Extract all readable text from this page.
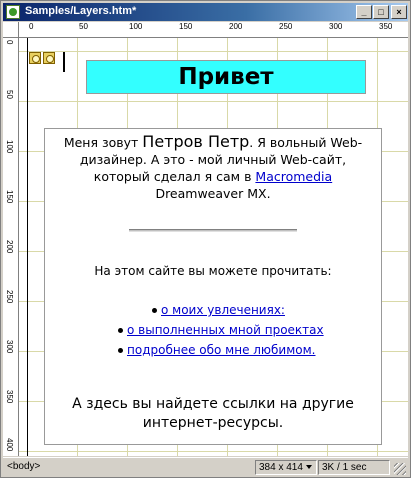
Samples/Layers.htm*	_	□	×
0	50	100	150	200	250	300	350
0
50
100
150
200
250
300
350
400
Привет
Меня зовут Петров Петр. Я вольный Web-дизайнер. А это - мой личный Web-сайт, который сделал я сам в Macromedia Dreamweaver MX.
На этом сайте вы можете прочитать:
о моих увлечениях:
о выполненных мной проектах
подробнее обо мне любимом.
А здесь вы найдете ссылки на другие интернет-ресурсы.
<body>	384 x 414	3K / 1 sec
